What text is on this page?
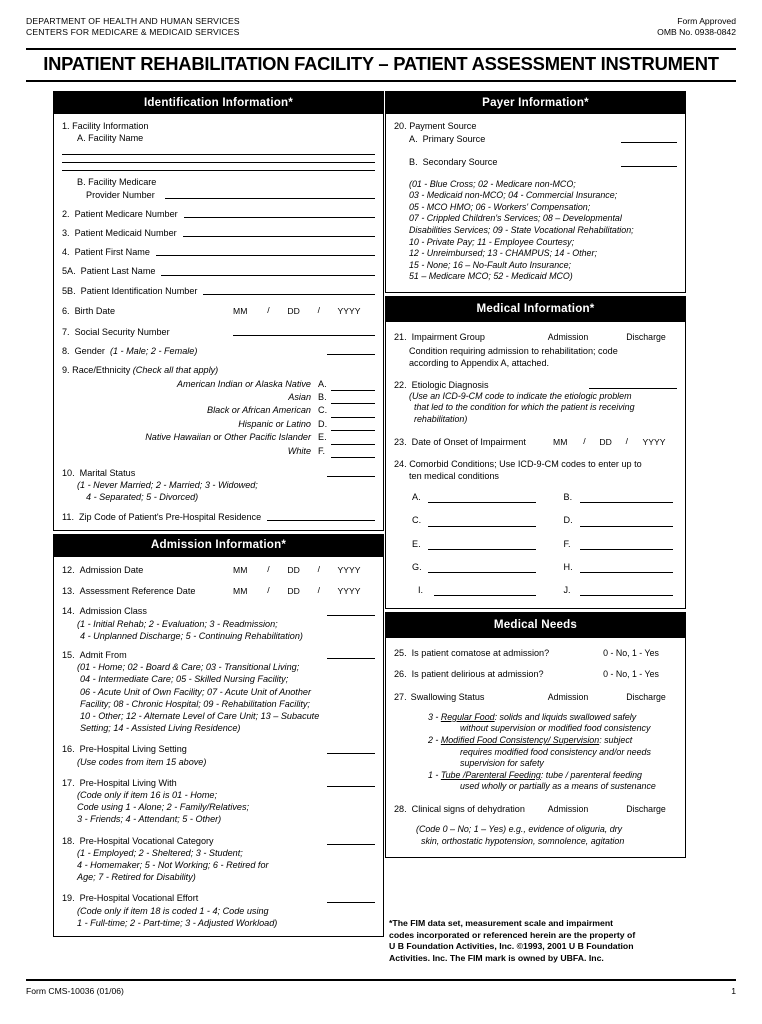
DEPARTMENT OF HEALTH AND HUMAN SERVICES
CENTERS FOR MEDICARE & MEDICAID SERVICES
Form Approved
OMB No. 0938-0842
INPATIENT REHABILITATION FACILITY – PATIENT ASSESSMENT INSTRUMENT
Identification Information*
1. Facility Information
A. Facility Name
B. Facility Medicare
Provider Number
2. Patient Medicare Number
3. Patient Medicaid Number
4. Patient First Name
5A. Patient Last Name
5B. Patient Identification Number
6. Birth Date	MM	/	DD	/	YYYY
7. Social Security Number
8. Gender (1 - Male; 2 - Female)
9. Race/Ethnicity (Check all that apply)
American Indian or Alaska Native A.
Asian B.
Black or African American C.
Hispanic or Latino D.
Native Hawaiian or Other Pacific Islander E.
White F.
10. Marital Status
(1 - Never Married; 2 - Married; 3 - Widowed;
4 - Separated; 5 - Divorced)
11. Zip Code of Patient's Pre-Hospital Residence
Admission Information*
12. Admission Date	MM	/	DD	/	YYYY
13. Assessment Reference Date	MM	/	DD	/	YYYY
14. Admission Class
(1 - Initial Rehab; 2 - Evaluation; 3 - Readmission;
4 - Unplanned Discharge; 5 - Continuing Rehabilitation)
15. Admit From
(01 - Home; 02 - Board & Care; 03 - Transitional Living;
04 - Intermediate Care; 05 - Skilled Nursing Facility;
06 - Acute Unit of Own Facility; 07 - Acute Unit of Another
Facility; 08 - Chronic Hospital; 09 - Rehabilitation Facility;
10 - Other; 12 - Alternate Level of Care Unit; 13 – Subacute
Setting; 14 - Assisted Living Residence)
16. Pre-Hospital Living Setting
(Use codes from item 15 above)
17. Pre-Hospital Living With
(Code only if item 16 is 01 - Home;
Code using 1 - Alone; 2 - Family/Relatives;
3 - Friends; 4 - Attendant; 5 - Other)
18. Pre-Hospital Vocational Category
(1 - Employed; 2 - Sheltered; 3 - Student;
4 - Homemaker; 5 - Not Working; 6 - Retired for
Age; 7 - Retired for Disability)
19. Pre-Hospital Vocational Effort
(Code only if item 18 is coded 1 - 4; Code using
1 - Full-time; 2 - Part-time; 3 - Adjusted Workload)
Payer Information*
20. Payment Source
A. Primary Source
B. Secondary Source
(01 - Blue Cross; 02 - Medicare non-MCO;
03 - Medicaid non-MCO; 04 - Commercial Insurance;
05 - MCO HMO; 06 - Workers' Compensation;
07 - Crippled Children's Services; 08 – Developmental
Disabilities Services; 09 - State Vocational Rehabilitation;
10 - Private Pay; 11 - Employee Courtesy;
12 - Unreimbursed; 13 - CHAMPUS; 14 - Other;
15 - None; 16 – No-Fault Auto Insurance;
51 – Medicare MCO; 52 - Medicaid MCO)
Medical Information*
21. Impairment Group	Admission	Discharge
Condition requiring admission to rehabilitation; code
according to Appendix A, attached.
22. Etiologic Diagnosis
(Use an ICD-9-CM code to indicate the etiologic problem
that led to the condition for which the patient is receiving
rehabilitation)
23. Date of Onset of Impairment	MM	/	DD	/	YYYY
24. Comorbid Conditions; Use ICD-9-CM codes to enter up to
ten medical conditions
A.	B.
C.	D.
E.	F.
G.	H.
I.	J.
Medical Needs
25. Is patient comatose at admission?	0 - No, 1 - Yes
26. Is patient delirious at admission?	0 - No, 1 - Yes
27. Swallowing Status	Admission	Discharge
3 - Regular Food: solids and liquids swallowed safely
without supervision or modified food consistency
2 - Modified Food Consistency/ Supervision: subject
requires modified food consistency and/or needs
supervision for safety
1 - Tube /Parenteral Feeding: tube / parenteral feeding
used wholly or partially as a means of sustenance
28. Clinical signs of dehydration	Admission	Discharge
(Code 0 – No; 1 – Yes) e.g., evidence of oliguria, dry
skin, orthostatic hypotension, somnolence, agitation
*The FIM data set, measurement scale and impairment
codes incorporated or referenced herein are the property of
U B Foundation Activities, Inc. ©1993, 2001 U B Foundation
Activities. Inc. The FIM mark is owned by UBFA. Inc.
Form CMS-10036 (01/06)	1
